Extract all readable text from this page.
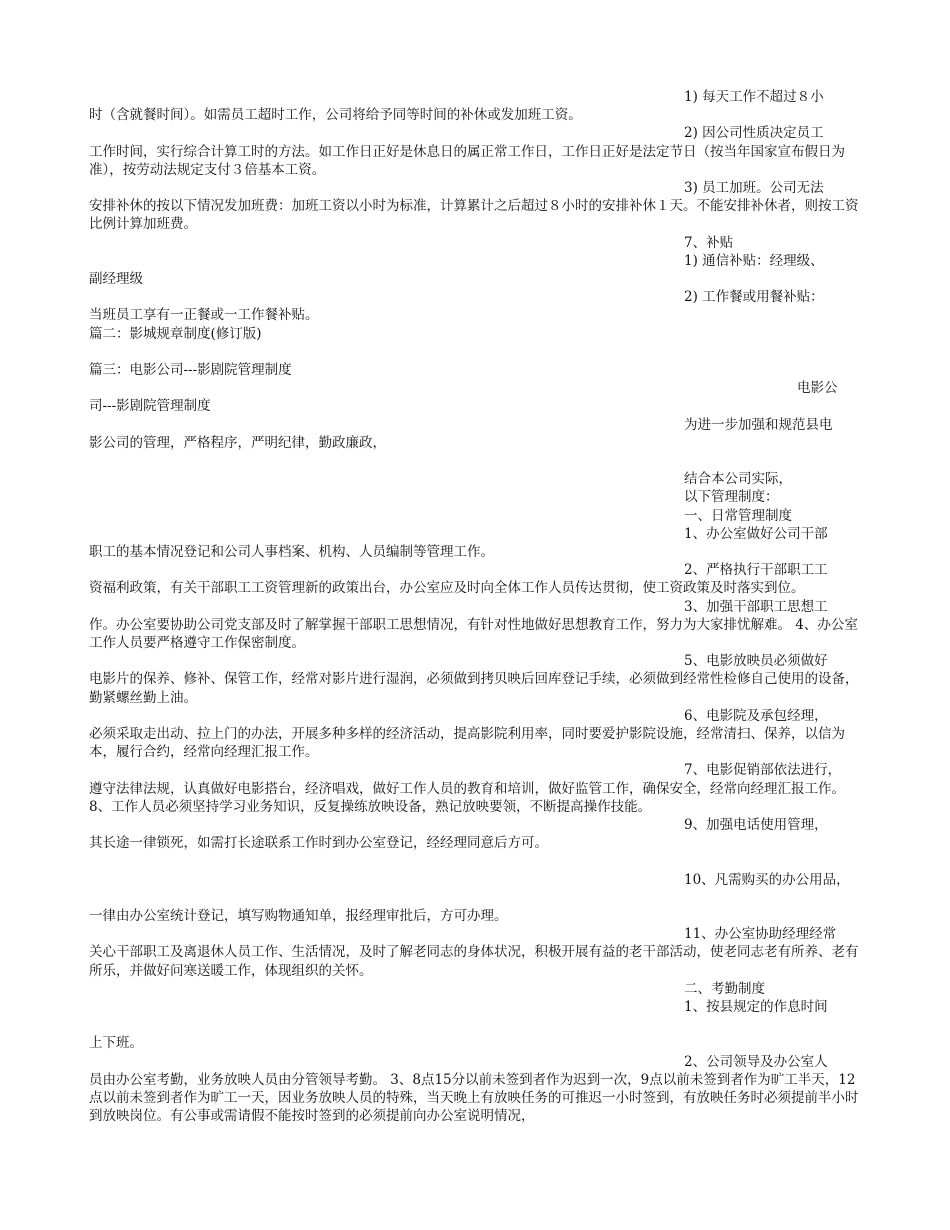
1) 每天工作不超过８小
时（含就餐时间）。如需员工超时工作，公司将给予同等时间的补休或发加班工资。
2) 因公司性质决定员工
工作时间，实行综合计算工时的方法。如工作日正好是休息日的属正常工作日，工作日正好是法定节日（按当年国家宣布假日为准），按劳动法规定支付３倍基本工资。
3) 员工加班。公司无法
安排补休的按以下情况发加班费：加班工资以小时为标准，计算累计之后超过８小时的安排补休１天。不能安排补休者，则按工资比例计算加班费。
7、补贴
1) 通信补贴：经理级、
副经理级
2) 工作餐或用餐补贴：
当班员工享有一正餐或一工作餐补贴。
篇二：影城规章制度(修订版)
篇三：电影公司---影剧院管理制度
电影公
司---影剧院管理制度
为进一步加强和规范县电
影公司的管理，严格程序，严明纪律，勤政廉政，
结合本公司实际，
以下管理制度：
一、日常管理制度
1、办公室做好公司干部
职工的基本情况登记和公司人事档案、机构、人员编制等管理工作。
2、严格执行干部职工工
资福利政策，有关干部职工工资管理新的政策出台，办公室应及时向全体工作人员传达贯彻，使工资政策及时落实到位。
3、加强干部职工思想工
作。办公室要协助公司党支部及时了解掌握干部职工思想情况，有针对性地做好思想教育工作，努力为大家排忧解难。 4、办公室工作人员要严格遵守工作保密制度。
5、电影放映员必须做好
电影片的保养、修补、保管工作，经常对影片进行湿润，必须做到拷贝映后回库登记手续，必须做到经常性检修自己使用的设备，勤紧螺丝勤上油。
6、电影院及承包经理，
必须采取走出动、拉上门的办法，开展多种多样的经济活动，提高影院利用率，同时要爱护影院设施，经常清扫、保养，以信为本，履行合约，经常向经理汇报工作。
7、电影促销部依法进行，
遵守法律法规，认真做好电影搭台，经济唱戏，做好工作人员的教育和培训，做好监管工作，确保安全，经常向经理汇报工作。 8、工作人员必须坚持学习业务知识，反复操练放映设备，熟记放映要领，不断提高操作技能。
9、加强电话使用管理，
其长途一律锁死，如需打长途联系工作时到办公室登记，经经理同意后方可。
10、凡需购买的办公用品，
一律由办公室统计登记，填写购物通知单，报经理审批后，方可办理。
11、办公室协助经理经常
关心干部职工及离退休人员工作、生活情况，及时了解老同志的身体状况，积极开展有益的老干部活动，使老同志老有所养、老有所乐，并做好问寒送暖工作，体现组织的关怀。
二、考勤制度
1、按县规定的作息时间
上下班。
2、公司领导及办公室人
员由办公室考勤，业务放映人员由分管领导考勤。 3、8点15分以前未签到者作为迟到一次，9点以前未签到者作为旷工半天，12点以前未签到者作为旷工一天，因业务放映人员的特殊，当天晚上有放映任务的可推迟一小时签到，有放映任务时必须提前半小时到放映岗位。有公事或需请假不能按时签到的必须提前向办公室说明情况，
